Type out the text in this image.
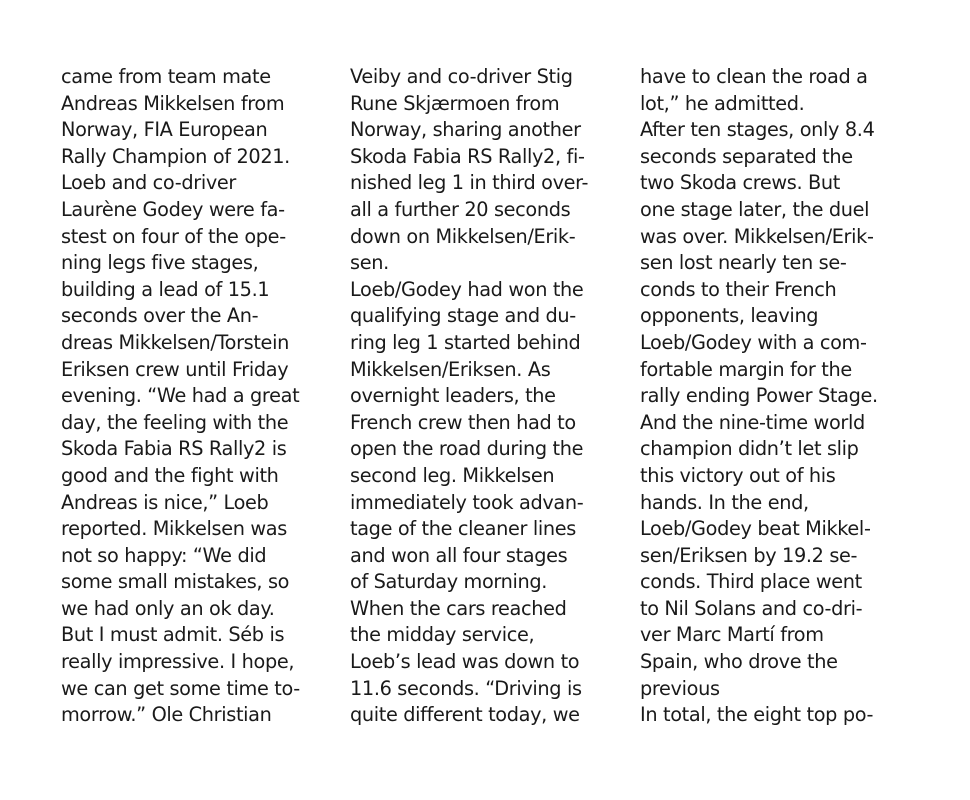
came from team mate
Andreas Mikkelsen from
Norway, FIA European
Rally Champion of 2021.
Loeb and co-driver
Laurène Godey were fa-
stest on four of the ope-
ning legs five stages,
building a lead of 15.1
seconds over the An-
dreas Mikkelsen/Torstein
Eriksen crew until Friday
evening. “We had a great
day, the feeling with the
Skoda Fabia RS Rally2 is
good and the fight with
Andreas is nice,” Loeb
reported. Mikkelsen was
not so happy: “We did
some small mistakes, so
we had only an ok day.
But I must admit. Séb is
really impressive. I hope,
we can get some time to-
morrow.” Ole Christian
Veiby and co-driver Stig
Rune Skjærmoen from
Norway, sharing another
Skoda Fabia RS Rally2, fi-
nished leg 1 in third over-
all a further 20 seconds
down on Mikkelsen/Erik-
sen.
Loeb/Godey had won the
qualifying stage and du-
ring leg 1 started behind
Mikkelsen/Eriksen. As
overnight leaders, the
French crew then had to
open the road during the
second leg. Mikkelsen
immediately took advan-
tage of the cleaner lines
and won all four stages
of Saturday morning.
When the cars reached
the midday service,
Loeb’s lead was down to
11.6 seconds. “Driving is
quite different today, we
have to clean the road a
lot,” he admitted.
After ten stages, only 8.4
seconds separated the
two Skoda crews. But
one stage later, the duel
was over. Mikkelsen/Erik-
sen lost nearly ten se-
conds to their French
opponents, leaving
Loeb/Godey with a com-
fortable margin for the
rally ending Power Stage.
And the nine-time world
champion didn’t let slip
this victory out of his
hands. In the end,
Loeb/Godey beat Mikkel-
sen/Eriksen by 19.2 se-
conds. Third place went
to Nil Solans and co-dri-
ver Marc Martí from
Spain, who drove the
previous
In total, the eight top po-
